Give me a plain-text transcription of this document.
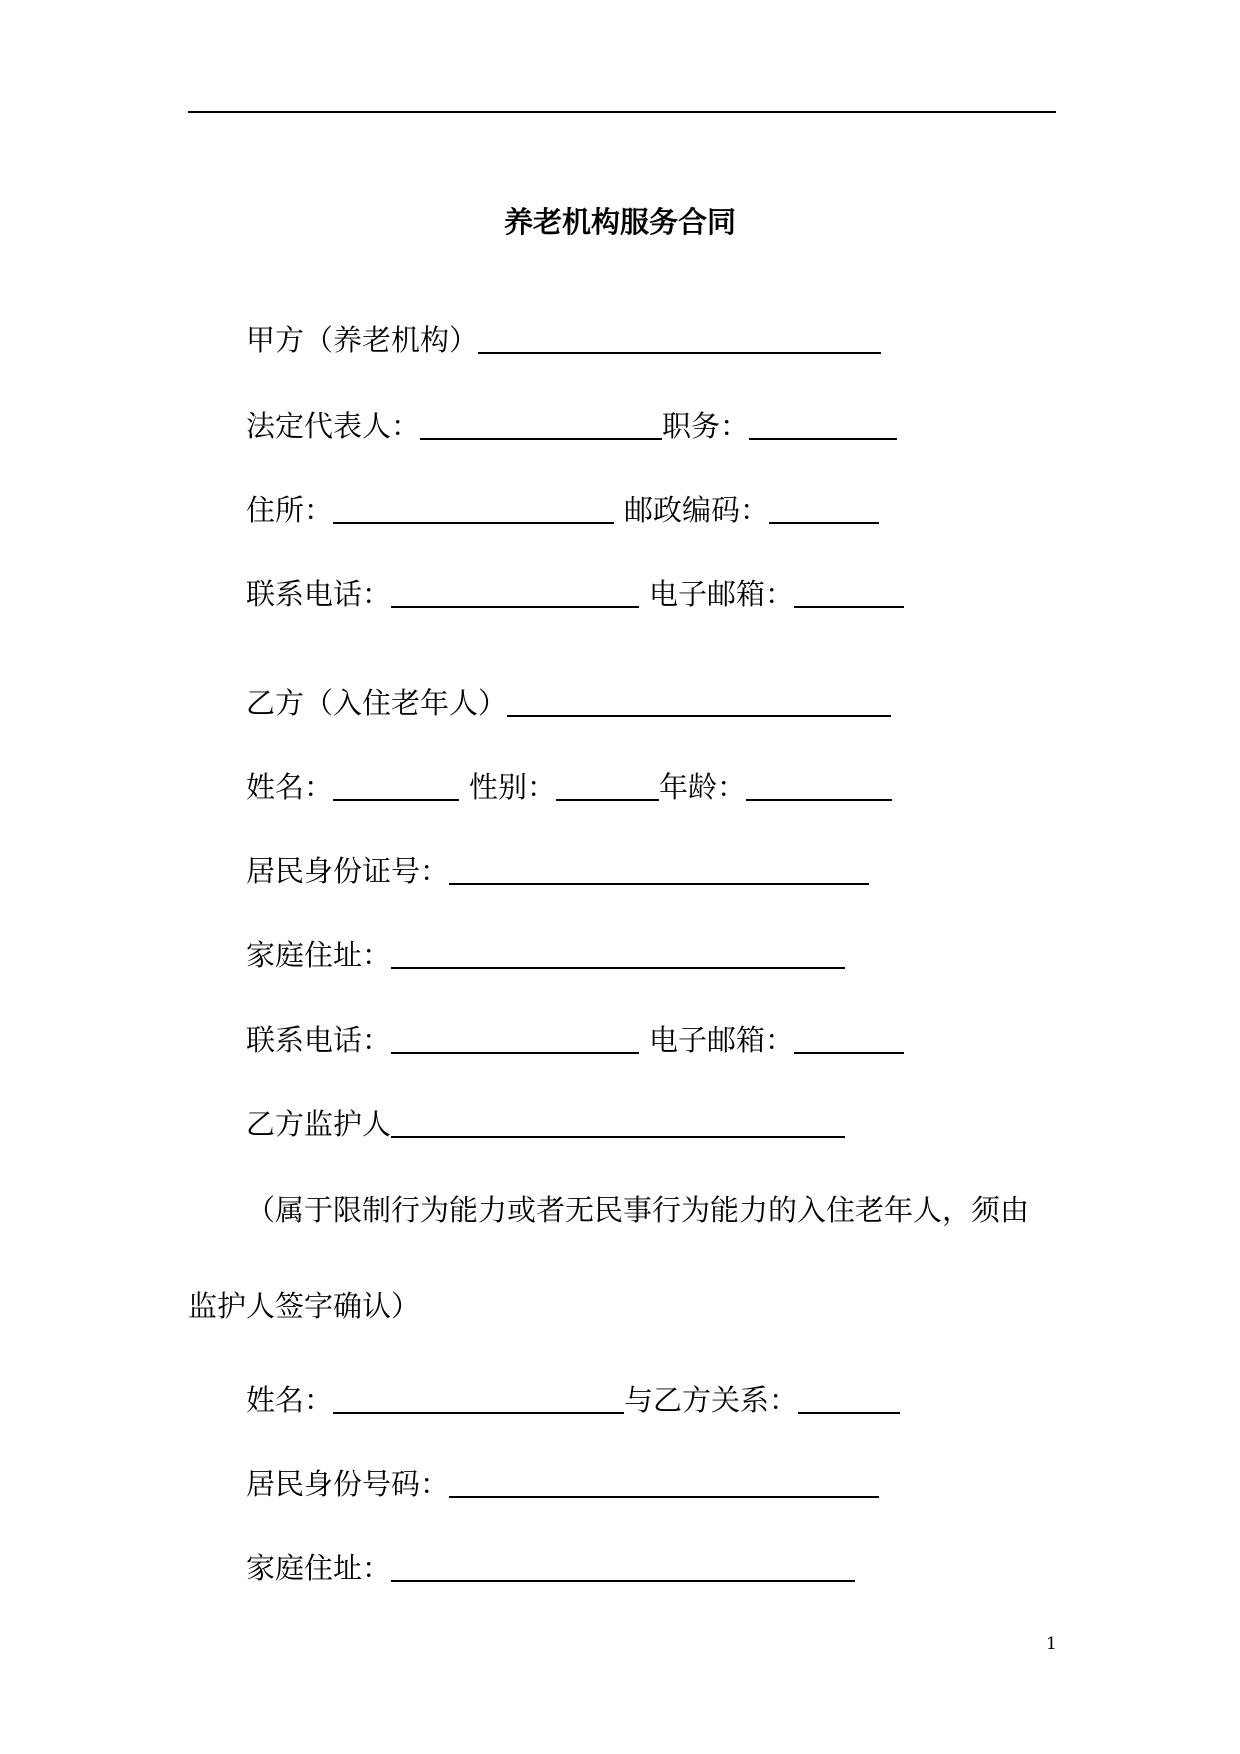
养老机构服务合同
甲方（养老机构）
法定代表人：	职务：
住所：	邮政编码：
联系电话：	电子邮箱：
乙方（入住老年人）
姓名：	性别：	年龄：
居民身份证号：
家庭住址：
联系电话：	电子邮箱：
乙方监护人
（属于限制行为能力或者无民事行为能力的入住老年人，须由
监护人签字确认）
姓名：	与乙方关系：
居民身份号码：
家庭住址：
1
